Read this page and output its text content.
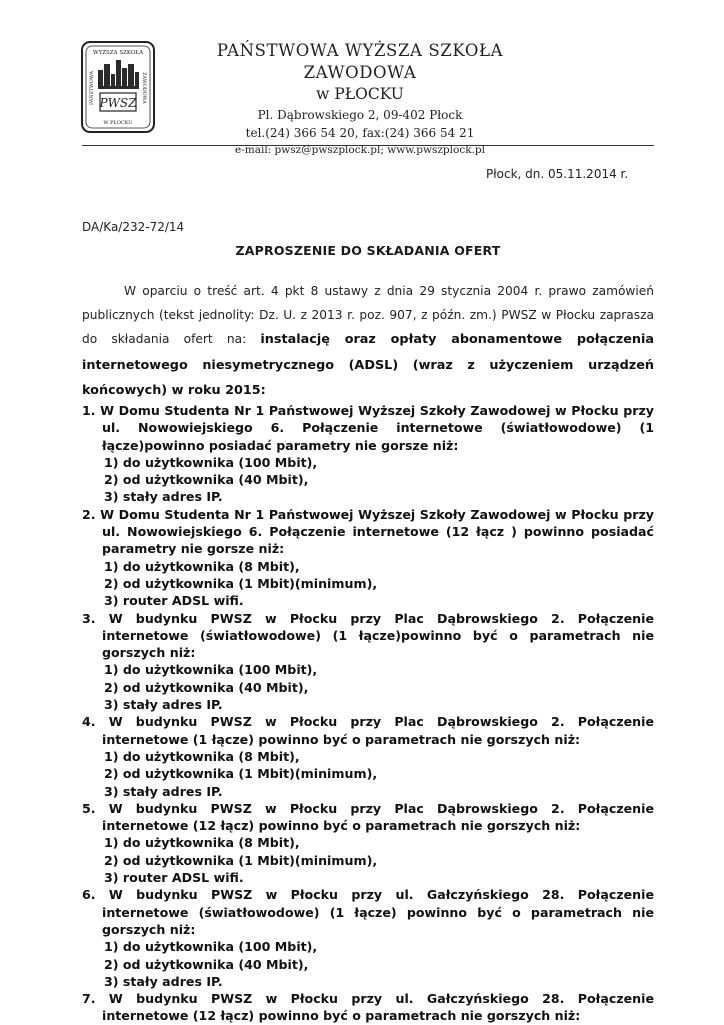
WYŻSZA SZKOŁA
PAŃSTWOWA	ZAWODOWA
PWSZ
W PŁOCKU
PAŃSTWOWA WYŻSZA SZKOŁA ZAWODOWA
w PŁOCKU
Pl. Dąbrowskiego 2, 09-402 Płock
tel.(24) 366 54 20, fax:(24) 366 54 21
e-mail: pwsz@pwszplock.pl; www.pwszplock.pl
Płock, dn. 05.11.2014 r.
DA/Ka/232-72/14
ZAPROSZENIE DO SKŁADANIA OFERT
W oparciu o treść art. 4 pkt 8 ustawy z dnia 29 stycznia 2004 r. prawo zamówień publicznych (tekst jednolity: Dz. U. z 2013 r. poz. 907, z późn. zm.) PWSZ w Płocku zaprasza do składania ofert na: instalację oraz opłaty abonamentowe połączenia internetowego niesymetrycznego (ADSL) (wraz z użyczeniem urządzeń końcowych) w roku 2015:
1. W Domu Studenta Nr 1 Państwowej Wyższej Szkoły Zawodowej w Płocku przy ul. Nowowiejskiego 6. Połączenie internetowe (światłowodowe) (1 łącze)powinno posiadać parametry nie gorsze niż:
1) do użytkownika (100 Mbit),
2) od użytkownika (40 Mbit),
3) stały adres IP.
2. W Domu Studenta Nr 1 Państwowej Wyższej Szkoły Zawodowej w Płocku przy ul. Nowowiejskiego 6. Połączenie internetowe (12 łącz ) powinno posiadać parametry nie gorsze niż:
1) do użytkownika (8 Mbit),
2) od użytkownika (1 Mbit)(minimum),
3) router ADSL wifi.
3. W budynku PWSZ w Płocku przy Plac Dąbrowskiego 2. Połączenie internetowe (światłowodowe) (1 łącze)powinno być o parametrach nie gorszych niż:
1) do użytkownika (100 Mbit),
2) od użytkownika (40 Mbit),
3) stały adres IP.
4. W budynku PWSZ w Płocku przy Plac Dąbrowskiego 2. Połączenie internetowe (1 łącze) powinno być o parametrach nie gorszych niż:
1) do użytkownika (8 Mbit),
2) od użytkownika (1 Mbit)(minimum),
3) stały adres IP.
5. W budynku PWSZ w Płocku przy Plac Dąbrowskiego 2. Połączenie internetowe (12 łącz) powinno być o parametrach nie gorszych niż:
1) do użytkownika (8 Mbit),
2) od użytkownika (1 Mbit)(minimum),
3) router ADSL wifi.
6. W budynku PWSZ w Płocku przy ul. Gałczyńskiego 28. Połączenie internetowe (światłowodowe) (1 łącze) powinno być o parametrach nie gorszych niż:
1) do użytkownika (100 Mbit),
2) od użytkownika (40 Mbit),
3) stały adres IP.
7. W budynku PWSZ w Płocku przy ul. Gałczyńskiego 28. Połączenie internetowe (12 łącz) powinno być o parametrach nie gorszych niż:
